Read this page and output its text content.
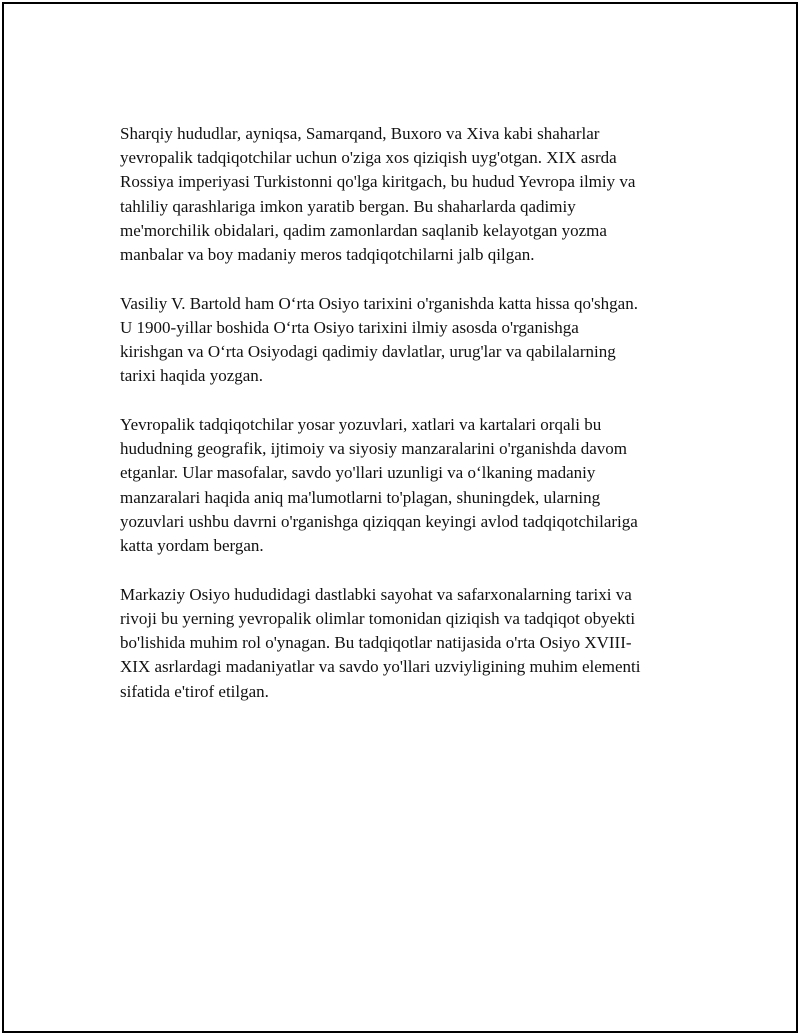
Sharqiy hududlar, ayniqsa, Samarqand, Buxoro va Xiva kabi shaharlar
yevropalik tadqiqotchilar uchun o'ziga xos qiziqish uyg'otgan. XIX asrda
Rossiya imperiyasi Turkistonni qo'lga kiritgach, bu hudud Yevropa ilmiy va
tahliliy qarashlariga imkon yaratib bergan. Bu shaharlarda qadimiy
me'morchilik obidalari, qadim zamonlardan saqlanib kelayotgan yozma
manbalar va boy madaniy meros tadqiqotchilarni jalb qilgan.

Vasiliy V. Bartold ham Oʻrta Osiyo tarixini o'rganishda katta hissa qo'shgan.
U 1900-yillar boshida Oʻrta Osiyo tarixini ilmiy asosda o'rganishga
kirishgan va Oʻrta Osiyodagi qadimiy davlatlar, urug'lar va qabilalarning
tarixi haqida yozgan.

Yevropalik tadqiqotchilar yosar yozuvlari, xatlari va kartalari orqali bu
hududning geografik, ijtimoiy va siyosiy manzaralarini o'rganishda davom
etganlar. Ular masofalar, savdo yo'llari uzunligi va oʻlkaning madaniy
manzaralari haqida aniq ma'lumotlarni to'plagan, shuningdek, ularning
yozuvlari ushbu davrni o'rganishga qiziqqan keyingi avlod tadqiqotchilariga
katta yordam bergan.

Markaziy Osiyo hududidagi dastlabki sayohat va safarxonalarning tarixi va
rivoji bu yerning yevropalik olimlar tomonidan qiziqish va tadqiqot obyekti
bo'lishida muhim rol o'ynagan. Bu tadqiqotlar natijasida o'rta Osiyo XVIII-
XIX asrlardagi madaniyatlar va savdo yo'llari uzviyligining muhim elementi
sifatida e'tirof etilgan.
